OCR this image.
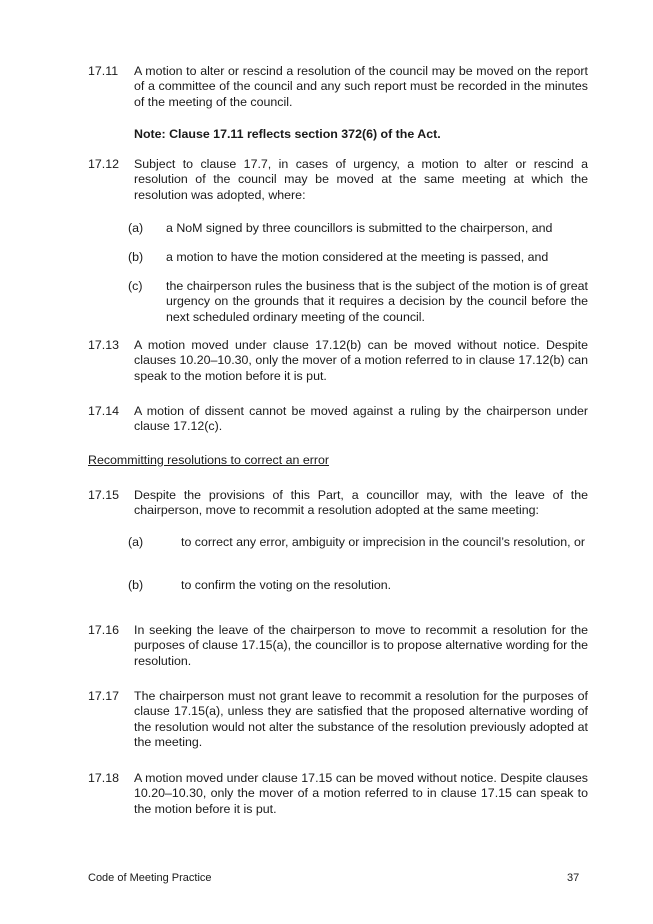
17.11	A motion to alter or rescind a resolution of the council may be moved on the report of a committee of the council and any such report must be recorded in the minutes of the meeting of the council.
Note: Clause 17.11 reflects section 372(6) of the Act.
17.12	Subject to clause 17.7, in cases of urgency, a motion to alter or rescind a resolution of the council may be moved at the same meeting at which the resolution was adopted, where:
(a) a NoM signed by three councillors is submitted to the chairperson, and
(b) a motion to have the motion considered at the meeting is passed, and
(c) the chairperson rules the business that is the subject of the motion is of great urgency on the grounds that it requires a decision by the council before the next scheduled ordinary meeting of the council.
17.13	A motion moved under clause 17.12(b) can be moved without notice. Despite clauses 10.20–10.30, only the mover of a motion referred to in clause 17.12(b) can speak to the motion before it is put.
17.14	A motion of dissent cannot be moved against a ruling by the chairperson under clause 17.12(c).
Recommitting resolutions to correct an error
17.15	Despite the provisions of this Part, a councillor may, with the leave of the chairperson, move to recommit a resolution adopted at the same meeting:
(a)	to correct any error, ambiguity or imprecision in the council’s resolution, or
(b)	to confirm the voting on the resolution.
17.16	In seeking the leave of the chairperson to move to recommit a resolution for the purposes of clause 17.15(a), the councillor is to propose alternative wording for the resolution.
17.17	The chairperson must not grant leave to recommit a resolution for the purposes of clause 17.15(a), unless they are satisfied that the proposed alternative wording of the resolution would not alter the substance of the resolution previously adopted at the meeting.
17.18	A motion moved under clause 17.15 can be moved without notice. Despite clauses 10.20–10.30, only the mover of a motion referred to in clause 17.15 can speak to the motion before it is put.
Code of Meeting Practice	37
